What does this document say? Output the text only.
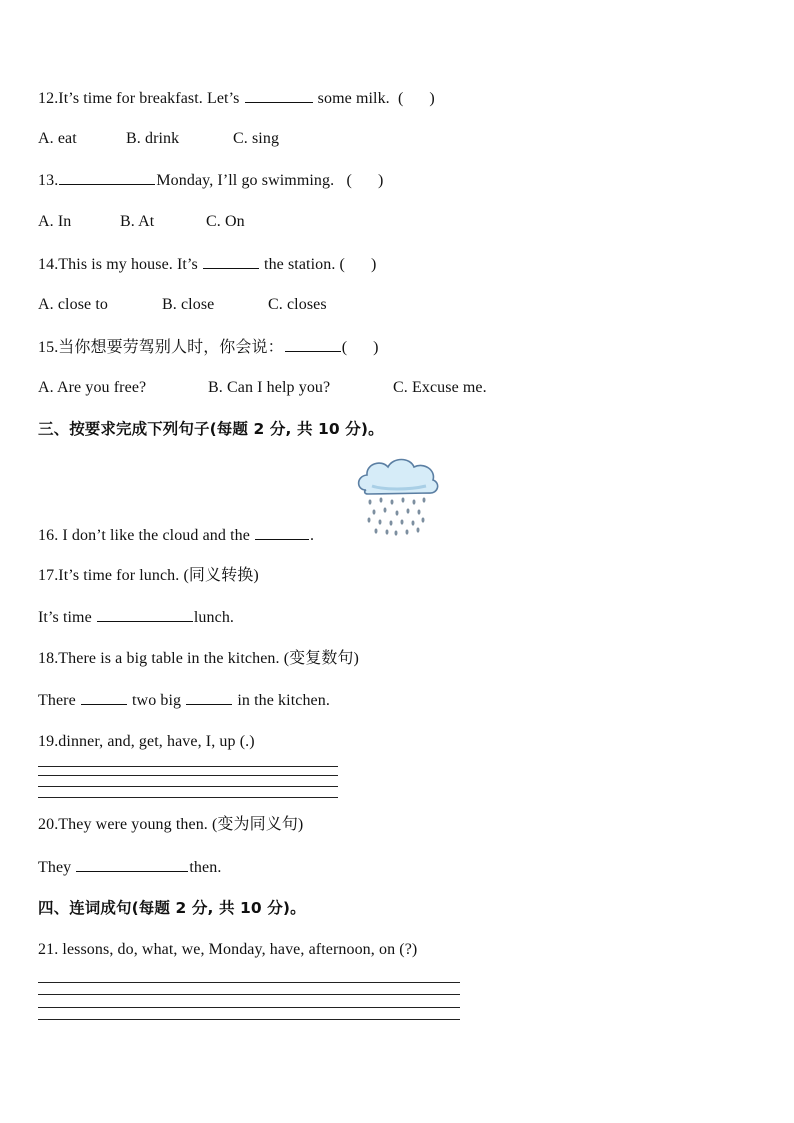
12.It’s time for breakfast. Let’s	some milk.  ( )
A. eat	B. drink	C. sing
13.	Monday, I’ll go swimming.   ( )
A. In	B. At	C. On
14.This is my house. It’s	the station. ( )
A. close to	B. close	C. closes
15.当你想要劳驾别人时，你会说：	( )
A. Are you free?	B. Can I help you?	C. Excuse me.
三、按要求完成下列句子(每题 2 分, 共 10 分)。
16. I don’t like the cloud and the	.
17.It’s time for lunch. (同义转换)
It’s time	lunch.
18.There is a big table in the kitchen. (变复数句)
There	two big	in the kitchen.
19.dinner, and, get, have, I, up (.)
20.They were young then. (变为同义句)
They	then.
四、连词成句(每题 2 分, 共 10 分)。
21. lessons, do, what, we, Monday, have, afternoon, on (?)
